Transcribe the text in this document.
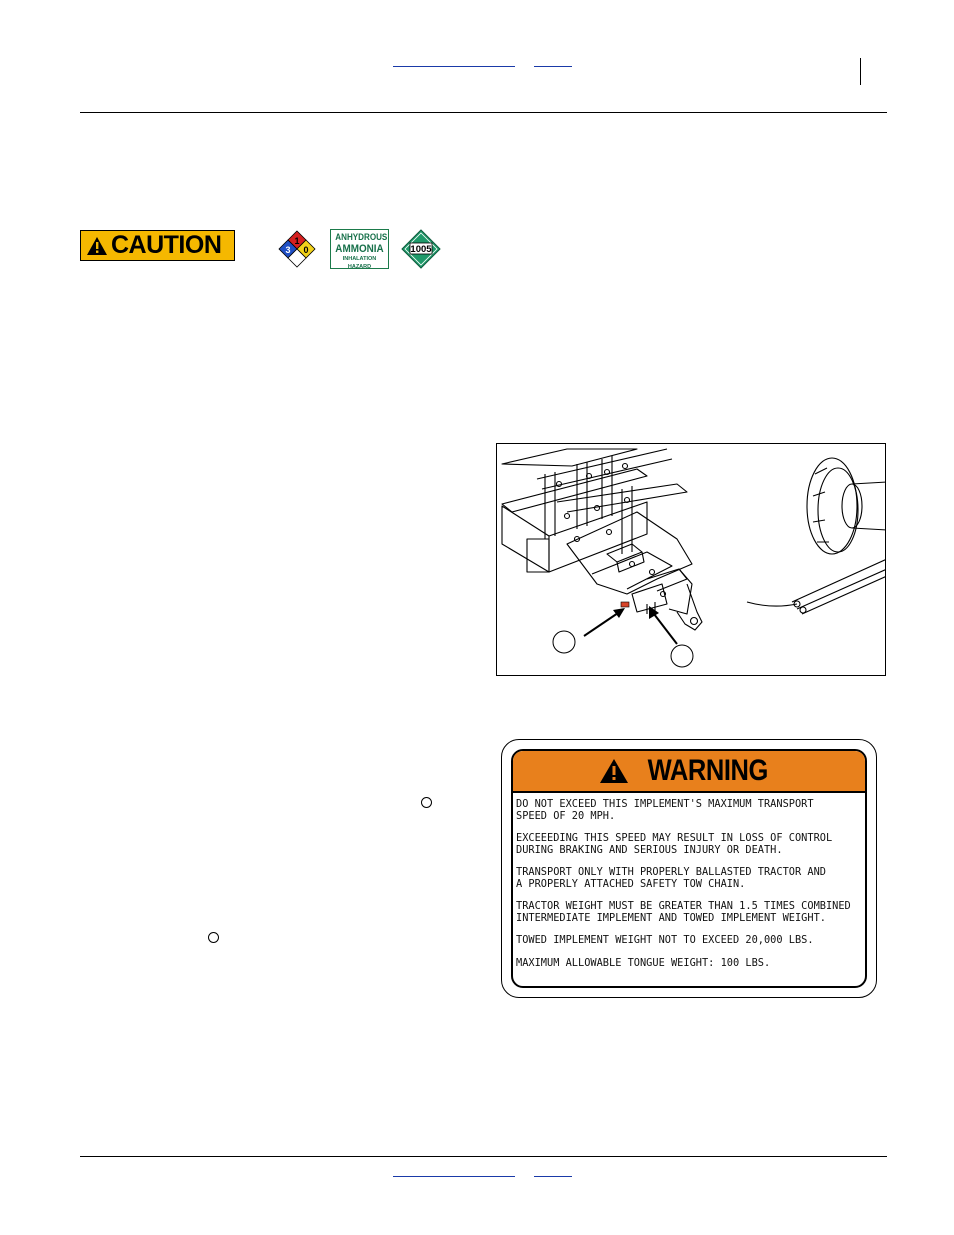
CAUTION	1
3 0
ANHYDROUS
AMMONIA
INHALATION HAZARD
1005
WARNING

DO NOT EXCEED THIS IMPLEMENT'S MAXIMUM TRANSPORT
SPEED OF 20 MPH.

EXCEEEDING THIS SPEED MAY RESULT IN LOSS OF CONTROL
DURING BRAKING AND SERIOUS INJURY OR DEATH.

TRANSPORT ONLY WITH PROPERLY BALLASTED TRACTOR AND
A PROPERLY ATTACHED SAFETY TOW CHAIN.

TRACTOR WEIGHT MUST BE GREATER THAN 1.5 TIMES COMBINED
INTERMEDIATE IMPLEMENT AND TOWED IMPLEMENT WEIGHT.

TOWED IMPLEMENT WEIGHT NOT TO EXCEED 20,000 LBS.

MAXIMUM ALLOWABLE TONGUE WEIGHT: 100 LBS.
